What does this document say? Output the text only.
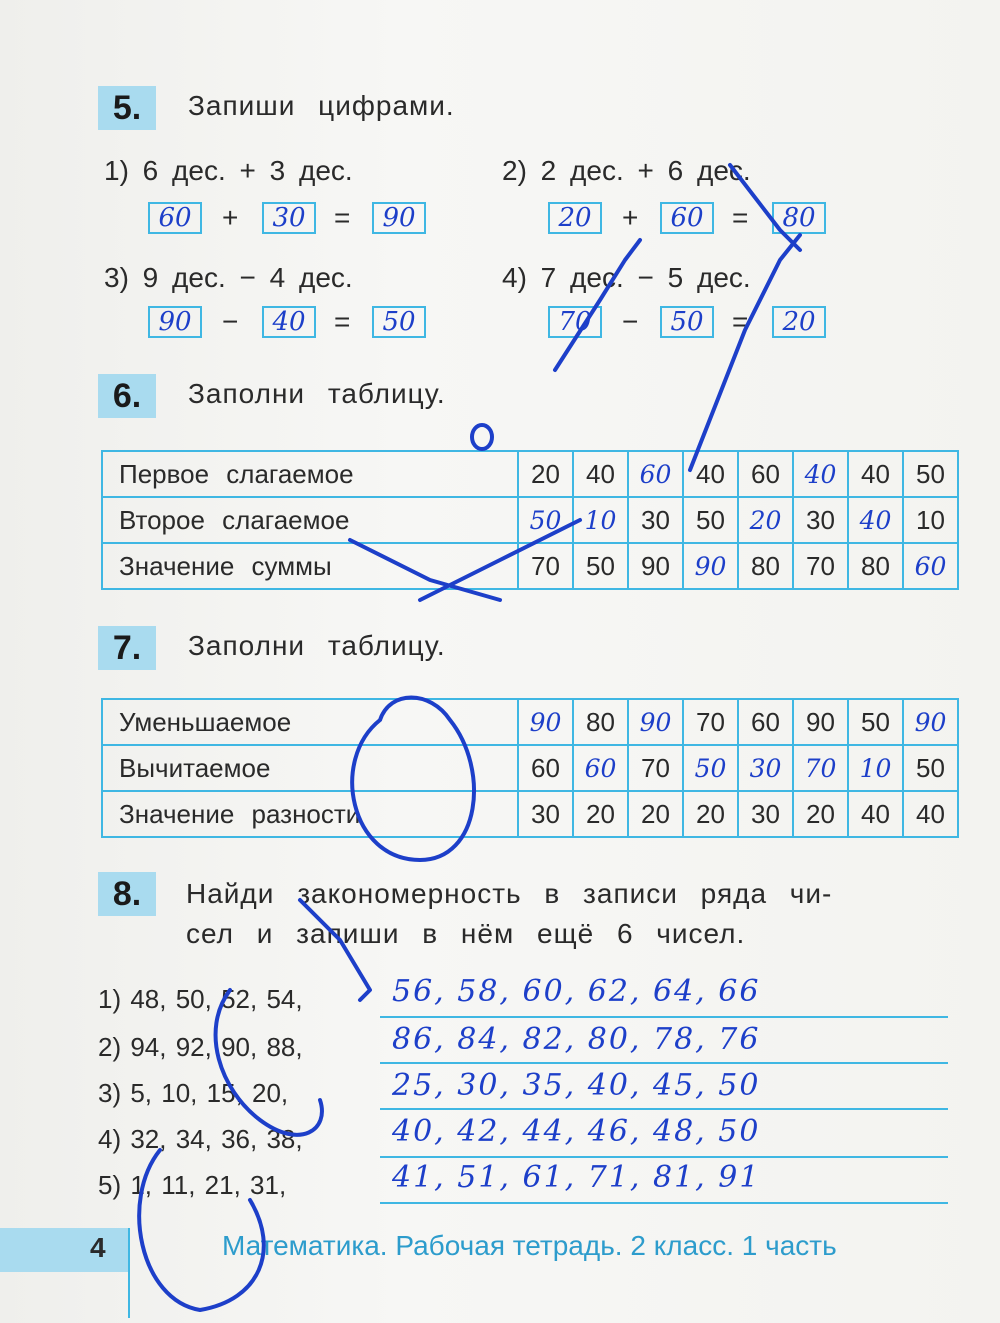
5.	Запиши цифрами.
1) 6 дес. + 3 дес.	2) 2 дес. + 6 дес.
3) 9 дес. − 4 дес.	4) 7 дес. − 5 дес.
60	+	30	=	90	20	+	60	=	80
90	−	40	=	50	70	−	50	=	20
6.	Заполни таблицу.
Первое слагаемое	20	40	60	40	60	40	40	50
Второе слагаемое	50	10	30	50	20	30	40	10
Значение суммы	70	50	90	90	80	70	80	60
7.	Заполни таблицу.
Уменьшаемое	90	80	90	70	60	90	50	90
Вычитаемое	60	60	70	50	30	70	10	50
Значение разности	30	20	20	20	30	20	40	40
8.	Найди закономерность в записи ряда чи-
сел и запиши в нём ещё 6 чисел.
1) 48, 50, 52, 54,	56, 58, 60, 62, 64, 66
2) 94, 92, 90, 88,	86, 84, 82, 80, 78, 76
3) 5, 10, 15, 20,	25, 30, 35, 40, 45, 50
4) 32, 34, 36, 38,	40, 42, 44, 46, 48, 50
5) 1, 11, 21, 31,	41, 51, 61, 71, 81, 91
4	Математика. Рабочая тетрадь. 2 класс. 1 часть
